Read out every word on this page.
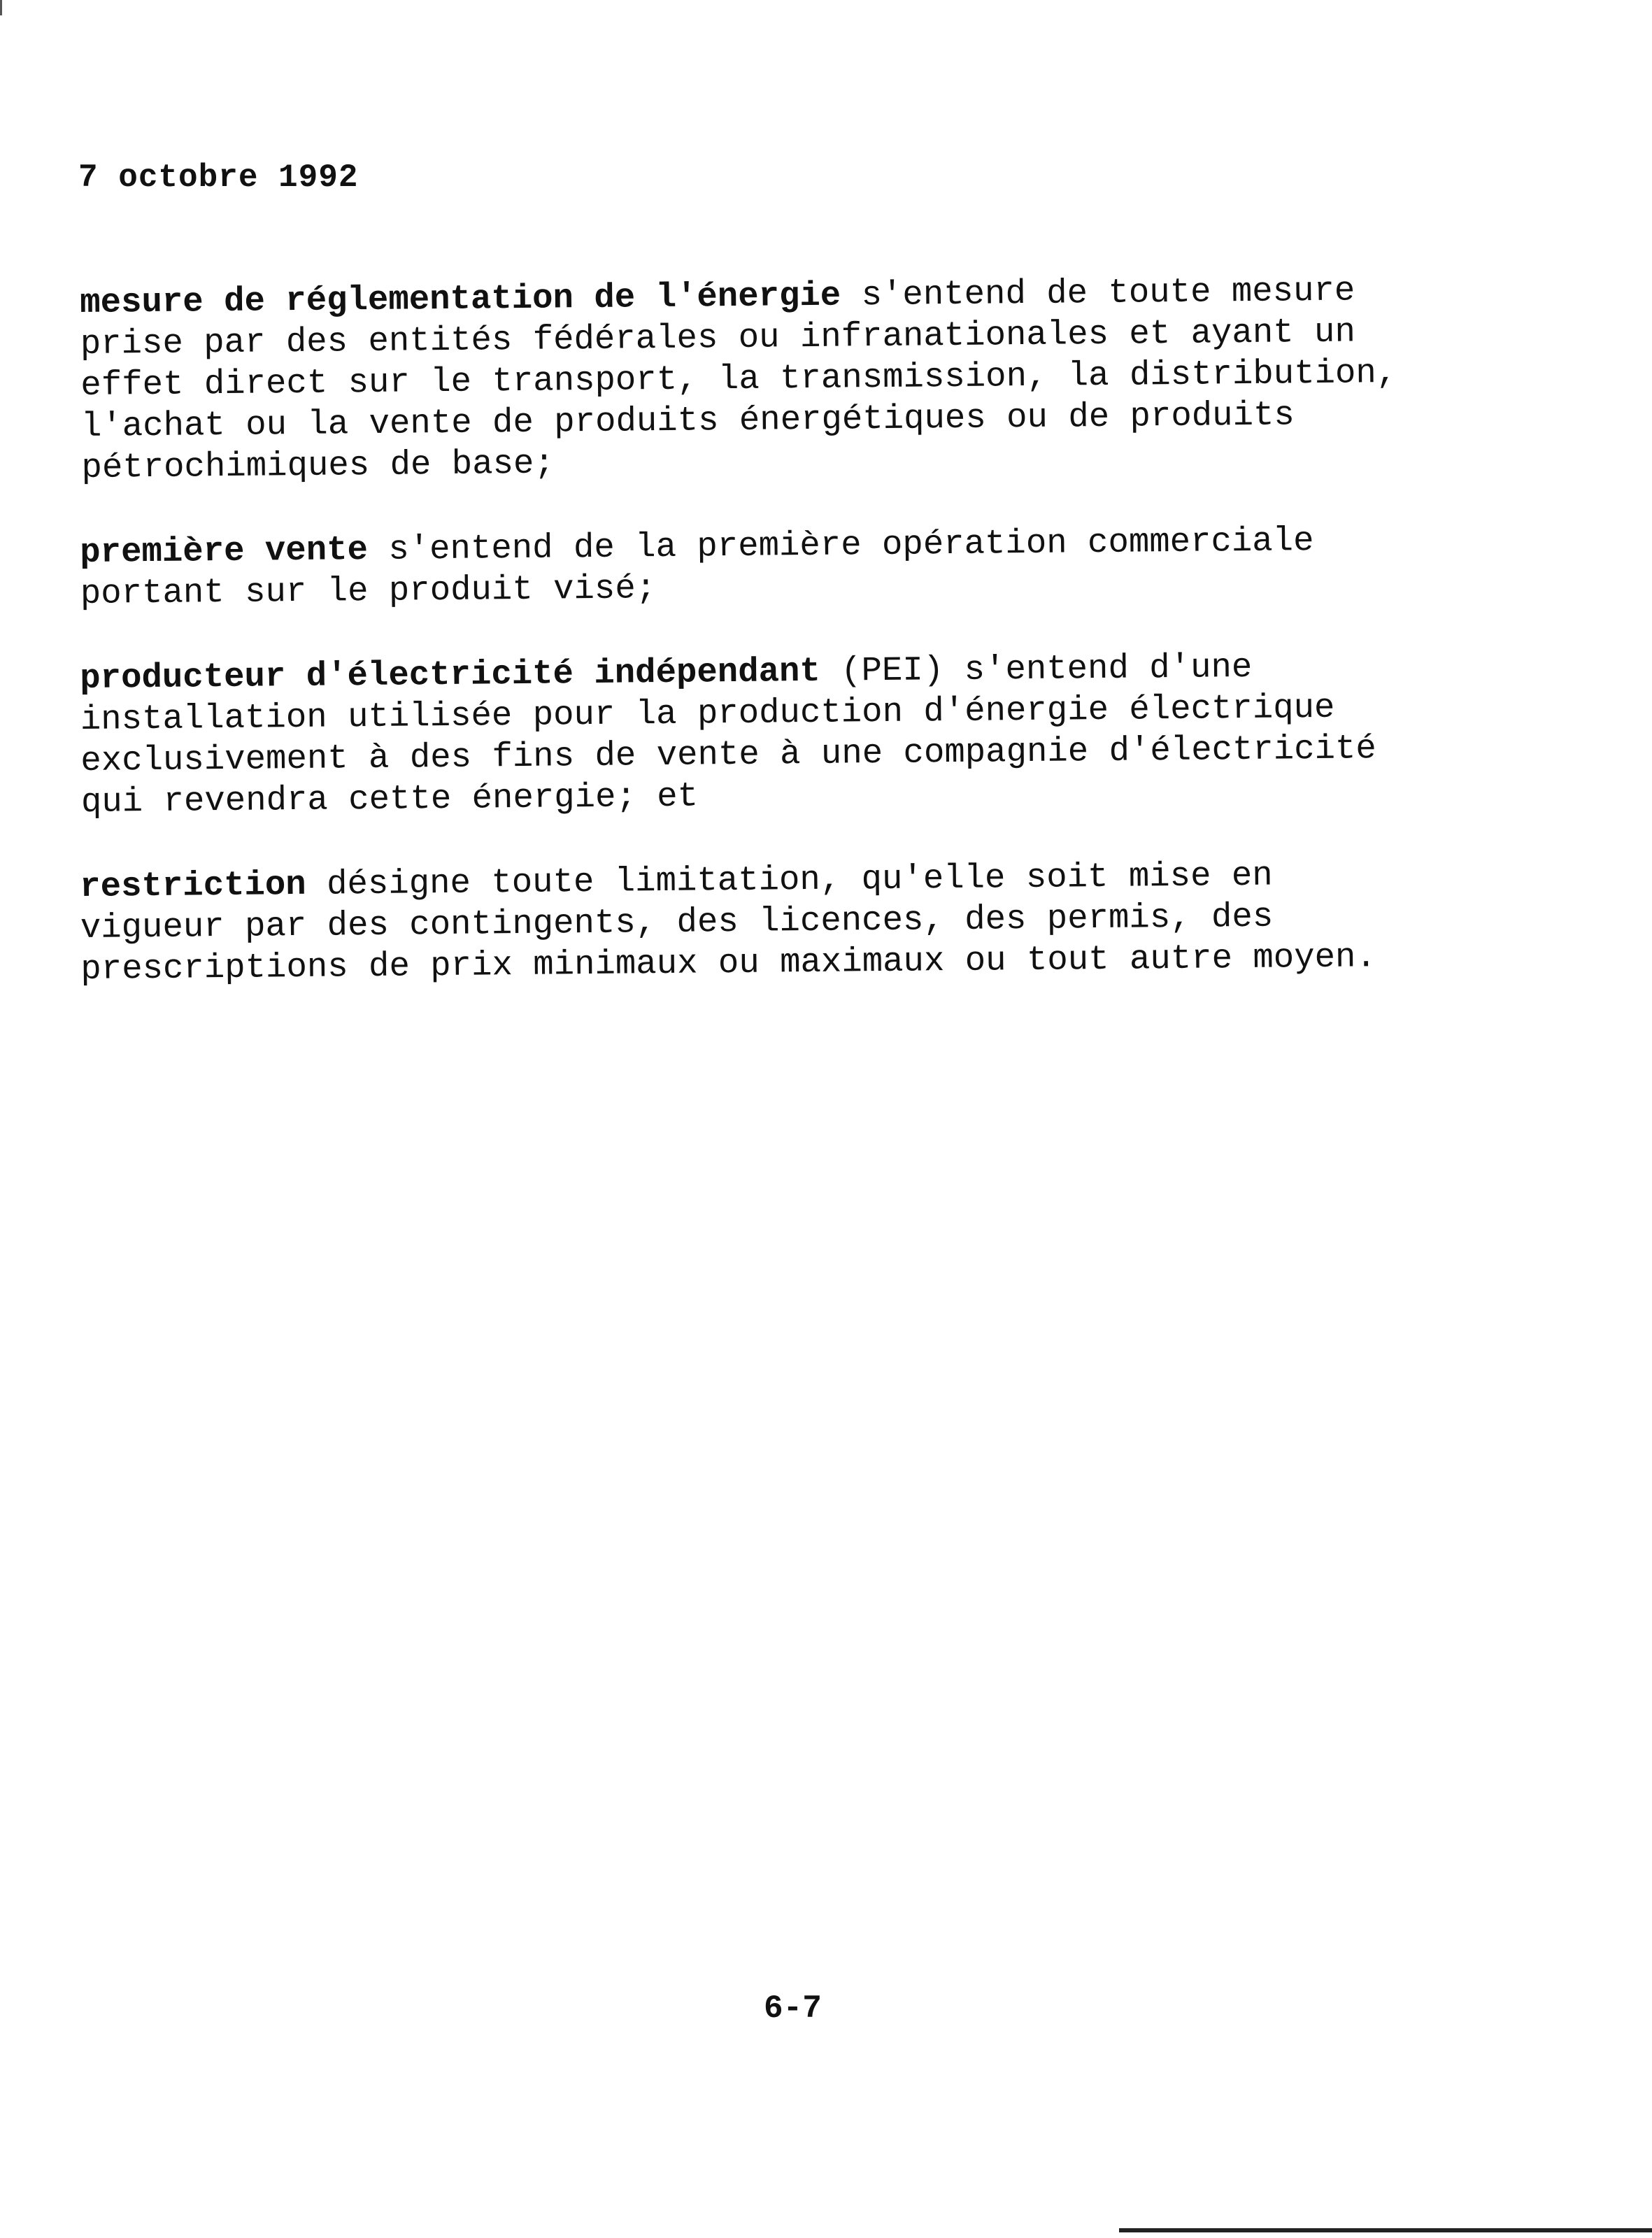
7 octobre 1992

mesure de réglementation de l'énergie s'entend de toute mesure
prise par des entités fédérales ou infranationales et ayant un
effet direct sur le transport, la transmission, la distribution,
l'achat ou la vente de produits énergétiques ou de produits
pétrochimiques de base;

première vente s'entend de la première opération commerciale
portant sur le produit visé;

producteur d'électricité indépendant (PEI) s'entend d'une
installation utilisée pour la production d'énergie électrique
exclusivement à des fins de vente à une compagnie d'électricité
qui revendra cette énergie; et

restriction désigne toute limitation, qu'elle soit mise en
vigueur par des contingents, des licences, des permis, des
prescriptions de prix minimaux ou maximaux ou tout autre moyen.

6-7
